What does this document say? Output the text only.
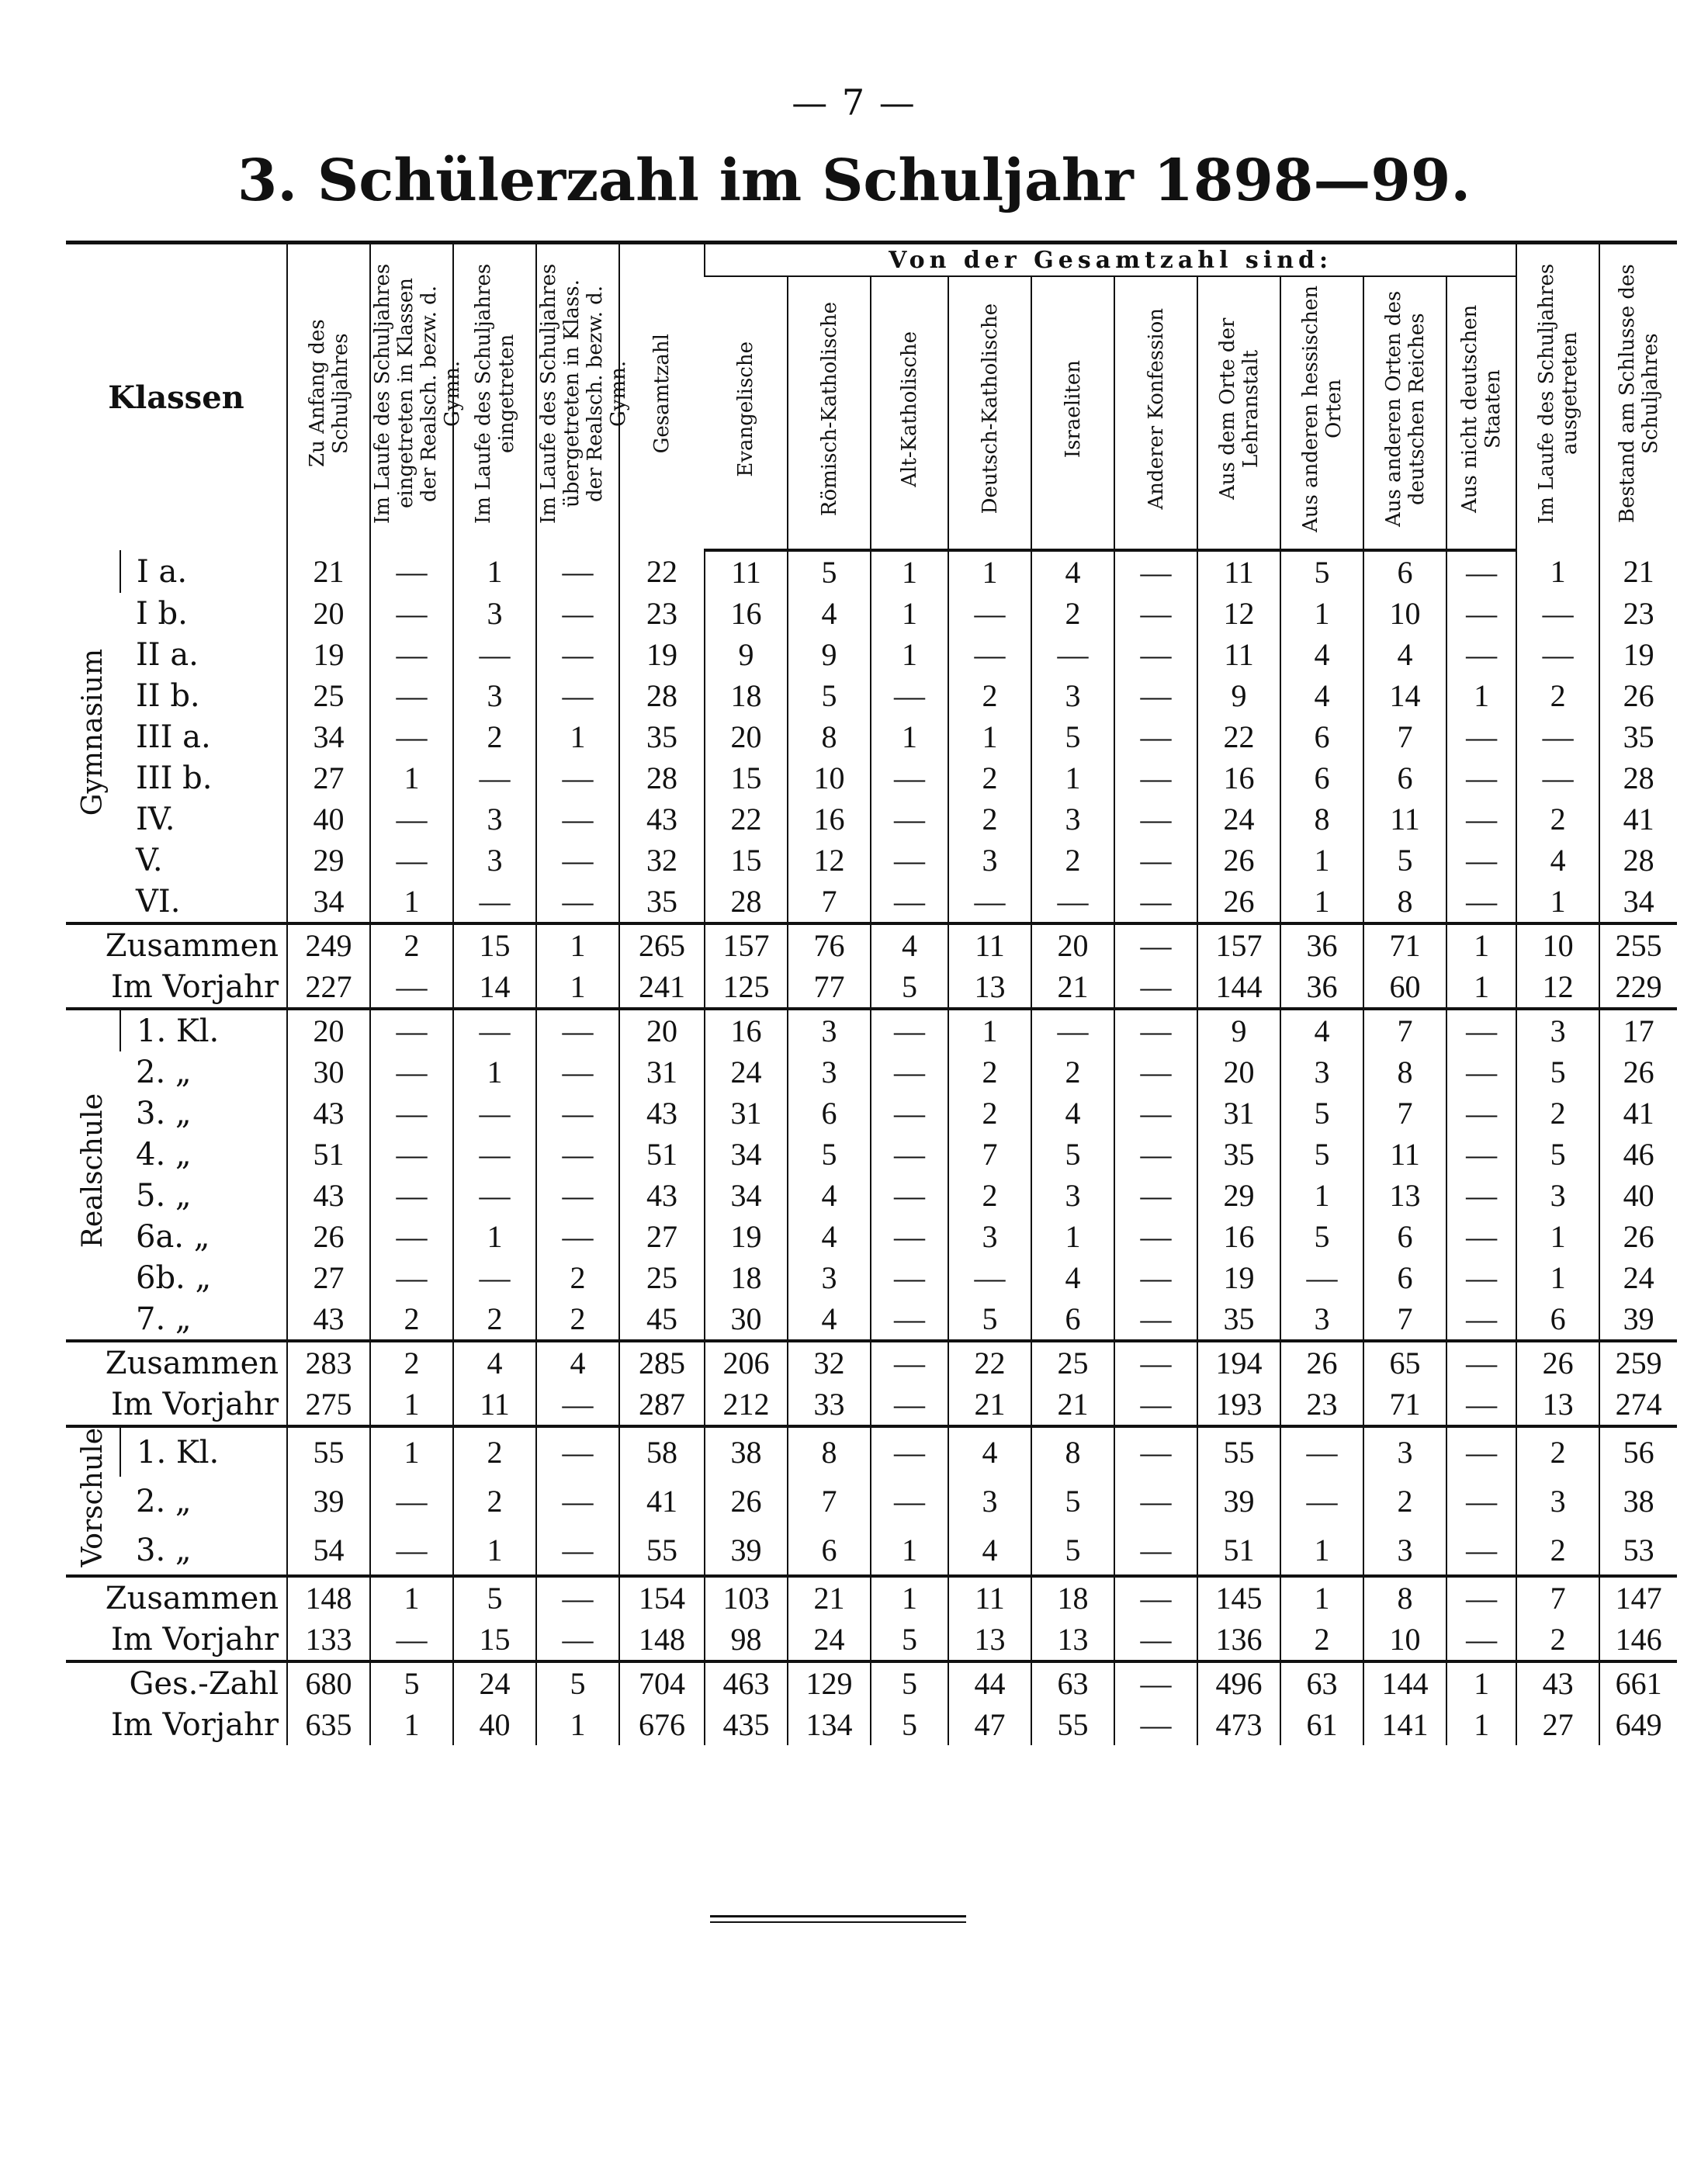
— 7 —
3. Schülerzahl im Schuljahr 1898—99.
Klassen		Zu Anfang des Schuljahres	Im Laufe des Schuljahres eingetreten in Klassen der Realsch. bezw. d. Gymn.	Im Laufe des Schuljahres eingetreten	Im Laufe des Schuljahres übergetreten in Klass. der Realsch. bezw. d. Gymn.	Gesamtzahl	Von der Gesamtzahl sind:										Im Laufe des Schuljahres ausgetreten	Bestand am Schlusse des Schuljahres
							Evangelische	Römisch-Katholische	Alt-Katholische	Deutsch-Katholische	Israeliten	Anderer Konfession	Aus dem Orte der Lehranstalt	Aus anderen hessischen Orten	Aus anderen Orten des deutschen Reiches	Aus nicht deutschen Staaten		
Gymnasium	I a.	21	—	1	—	22	11	5	1	1	4	—	11	5	6	—	1	21
	I b.	20	—	3	—	23	16	4	1	—	2	—	12	1	10	—	—	23
	II a.	19	—	—	—	19	9	9	1	—	—	—	11	4	4	—	—	19
	II b.	25	—	3	—	28	18	5	—	2	3	—	9	4	14	1	2	26
	III a.	34	—	2	1	35	20	8	1	1	5	—	22	6	7	—	—	35
	III b.	27	1	—	—	28	15	10	—	2	1	—	16	6	6	—	—	28
	IV.	40	—	3	—	43	22	16	—	2	3	—	24	8	11	—	2	41
	V.	29	—	3	—	32	15	12	—	3	2	—	26	1	5	—	4	28
	VI.	34	1	—	—	35	28	7	—	—	—	—	26	1	8	—	1	34
Zusammen		249	2	15	1	265	157	76	4	11	20	—	157	36	71	1	10	255
Im Vorjahr		227	—	14	1	241	125	77	5	13	21	—	144	36	60	1	12	229
Realschule	1. Kl.	20	—	—	—	20	16	3	—	1	—	—	9	4	7	—	3	17
	2. „	30	—	1	—	31	24	3	—	2	2	—	20	3	8	—	5	26
	3. „	43	—	—	—	43	31	6	—	2	4	—	31	5	7	—	2	41
	4. „	51	—	—	—	51	34	5	—	7	5	—	35	5	11	—	5	46
	5. „	43	—	—	—	43	34	4	—	2	3	—	29	1	13	—	3	40
	6a. „	26	—	1	—	27	19	4	—	3	1	—	16	5	6	—	1	26
	6b. „	27	—	—	2	25	18	3	—	—	4	—	19	—	6	—	1	24
	7. „	43	2	2	2	45	30	4	—	5	6	—	35	3	7	—	6	39
Zusammen		283	2	4	4	285	206	32	—	22	25	—	194	26	65	—	26	259
Im Vorjahr		275	1	11	—	287	212	33	—	21	21	—	193	23	71	—	13	274
Vorschule	1. Kl.	55	1	2	—	58	38	8	—	4	8	—	55	—	3	—	2	56
	2. „	39	—	2	—	41	26	7	—	3	5	—	39	—	2	—	3	38
	3. „	54	—	1	—	55	39	6	1	4	5	—	51	1	3	—	2	53
Zusammen		148	1	5	—	154	103	21	1	11	18	—	145	1	8	—	7	147
Im Vorjahr		133	—	15	—	148	98	24	5	13	13	—	136	2	10	—	2	146
Ges.-Zahl		680	5	24	5	704	463	129	5	44	63	—	496	63	144	1	43	661
Im Vorjahr		635	1	40	1	676	435	134	5	47	55	—	473	61	141	1	27	649
